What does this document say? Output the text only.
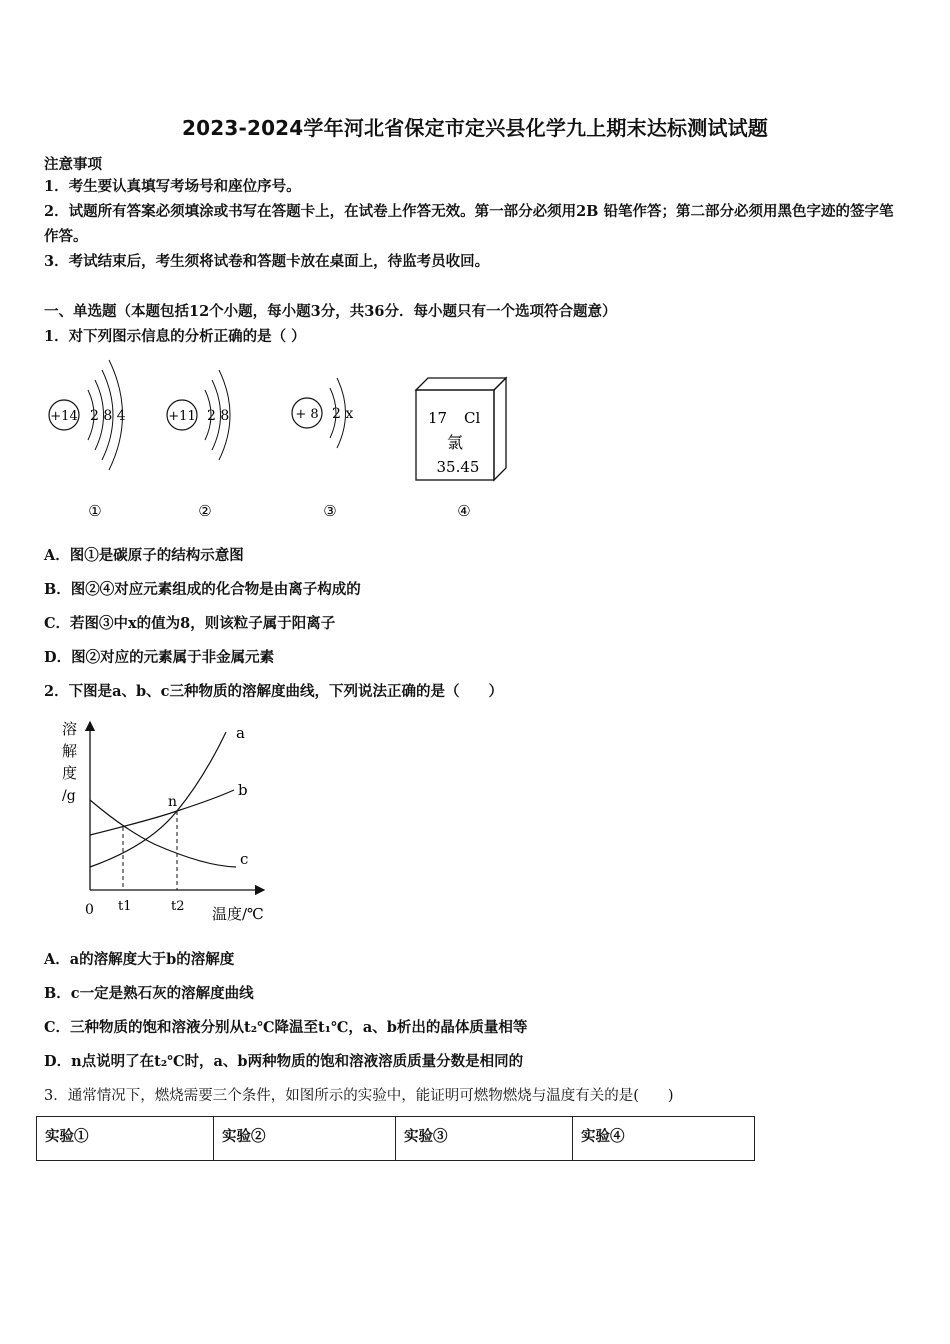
2023-2024学年河北省保定市定兴县化学九上期末达标测试试题
注意事项
1．考生要认真填写考场号和座位序号。
2．试题所有答案必须填涂或书写在答题卡上，在试卷上作答无效。第一部分必须用2B 铅笔作答；第二部分必须用黑色字迹的签字笔作答。
3．考试结束后，考生须将试卷和答题卡放在桌面上，待监考员收回。
一、单选题（本题包括12个小题，每小题3分，共36分．每小题只有一个选项符合题意）
1．对下列图示信息的分析正确的是（ ）
+14 2 8 4
①
+11 2 8
②
+ 8 2 x
③
17 Cl
氯
35.45
④
A．图①是碳原子的结构示意图
B．图②④对应元素组成的化合物是由离子构成的
C．若图③中x的值为8，则该粒子属于阳离子
D．图②对应的元素属于非金属元素
2．下图是a、b、c三种物质的溶解度曲线，下列说法正确的是（　　）
溶
解
度
/g
0	温度/℃
t1	t2
a
b
c
n
A．a的溶解度大于b的溶解度
B．c一定是熟石灰的溶解度曲线
C．三种物质的饱和溶液分别从t₂℃降温至t₁℃，a、b析出的晶体质量相等
D．n点说明了在t₂℃时，a、b两种物质的饱和溶液溶质质量分数是相同的
3．通常情况下，燃烧需要三个条件，如图所示的实验中，能证明可燃物燃烧与温度有关的是(　　)
实验①	实验②	实验③	实验④
